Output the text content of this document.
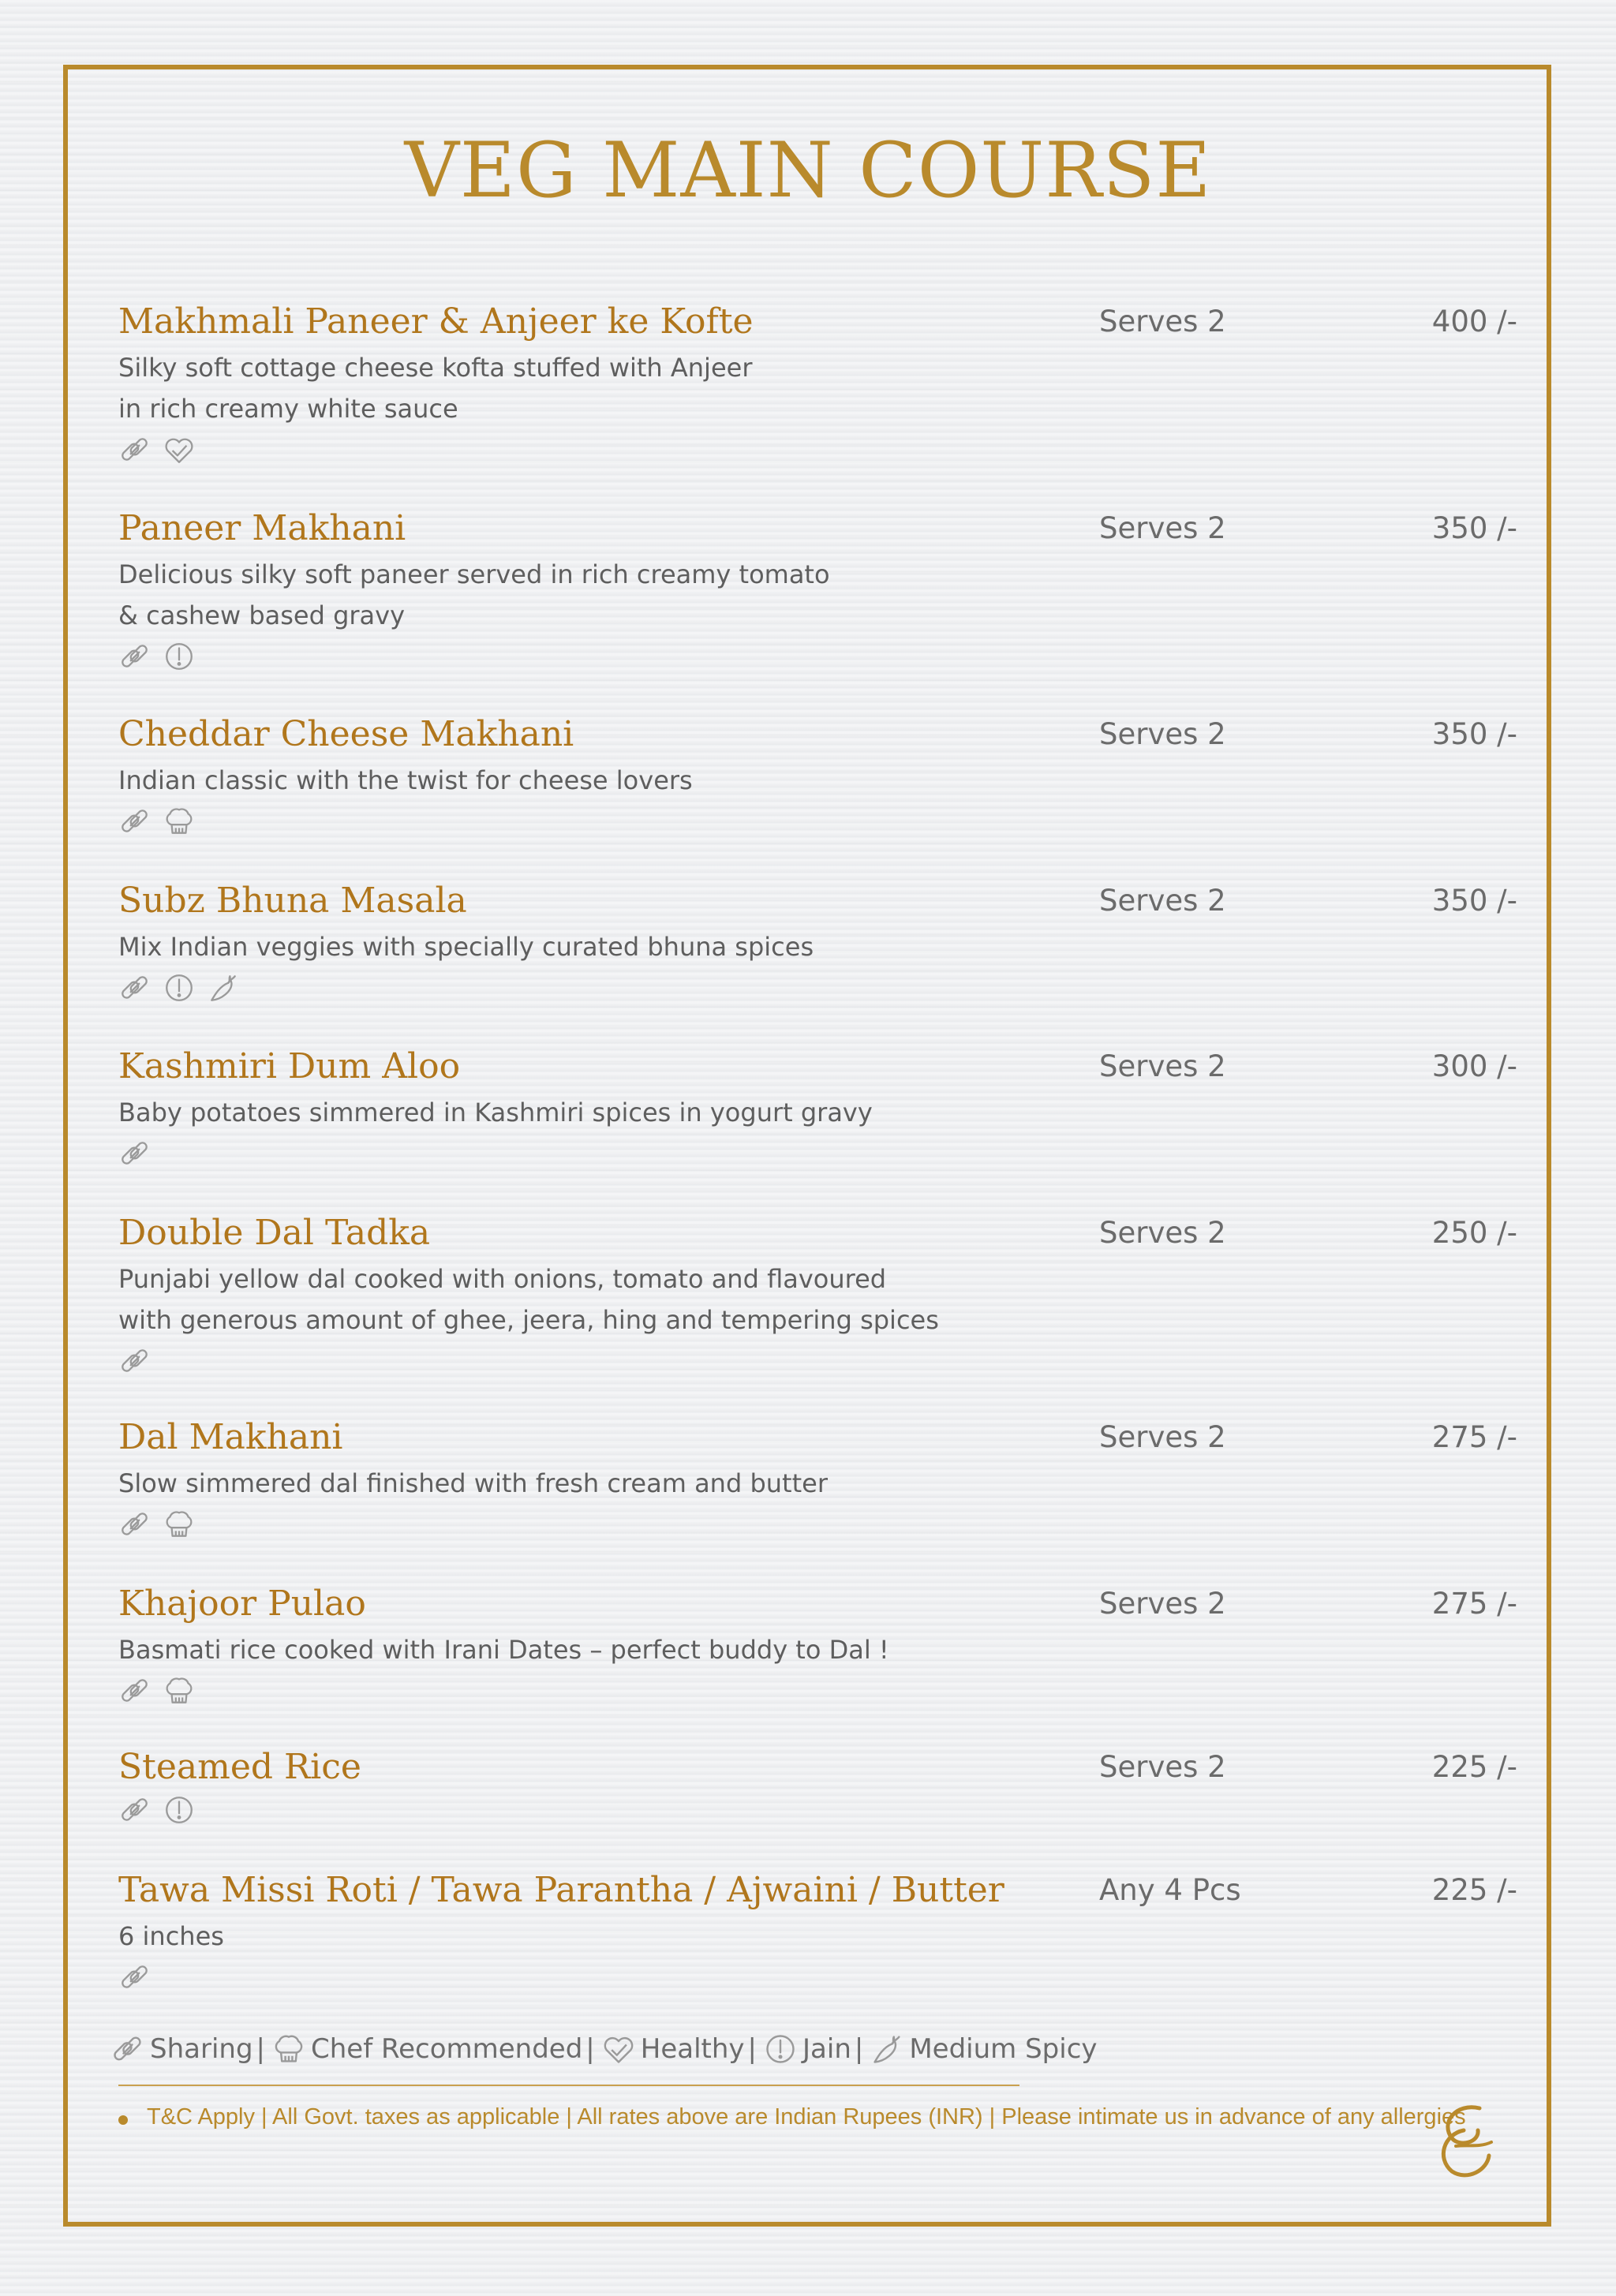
VEG MAIN COURSE
Makhmali Paneer & Anjeer ke Kofte	Serves 2	400 /-
Silky soft cottage cheese kofta stuffed with Anjeer
in rich creamy white sauce
Paneer Makhani	Serves 2	350 /-
Delicious silky soft paneer served in rich creamy tomato
& cashew based gravy
Cheddar Cheese Makhani	Serves 2	350 /-
Indian classic with the twist for cheese lovers
Subz Bhuna Masala	Serves 2	350 /-
Mix Indian veggies with specially curated bhuna spices
Kashmiri Dum Aloo	Serves 2	300 /-
Baby potatoes simmered in Kashmiri spices in yogurt gravy
Double Dal Tadka	Serves 2	250 /-
Punjabi yellow dal cooked with onions, tomato and flavoured
with generous amount of ghee, jeera, hing and tempering spices
Dal Makhani	Serves 2	275 /-
Slow simmered dal finished with fresh cream and butter
Khajoor Pulao	Serves 2	275 /-
Basmati rice cooked with Irani Dates – perfect buddy to Dal !
Steamed Rice	Serves 2	225 /-
Tawa Missi Roti / Tawa Parantha / Ajwaini / Butter	Any 4 Pcs	225 /-
6 inches
Sharing | Chef Recommended | Healthy | Jain | Medium Spicy
T&C Apply | All Govt. taxes as applicable | All rates above are Indian Rupees (INR) | Please intimate us in advance of any allergies
